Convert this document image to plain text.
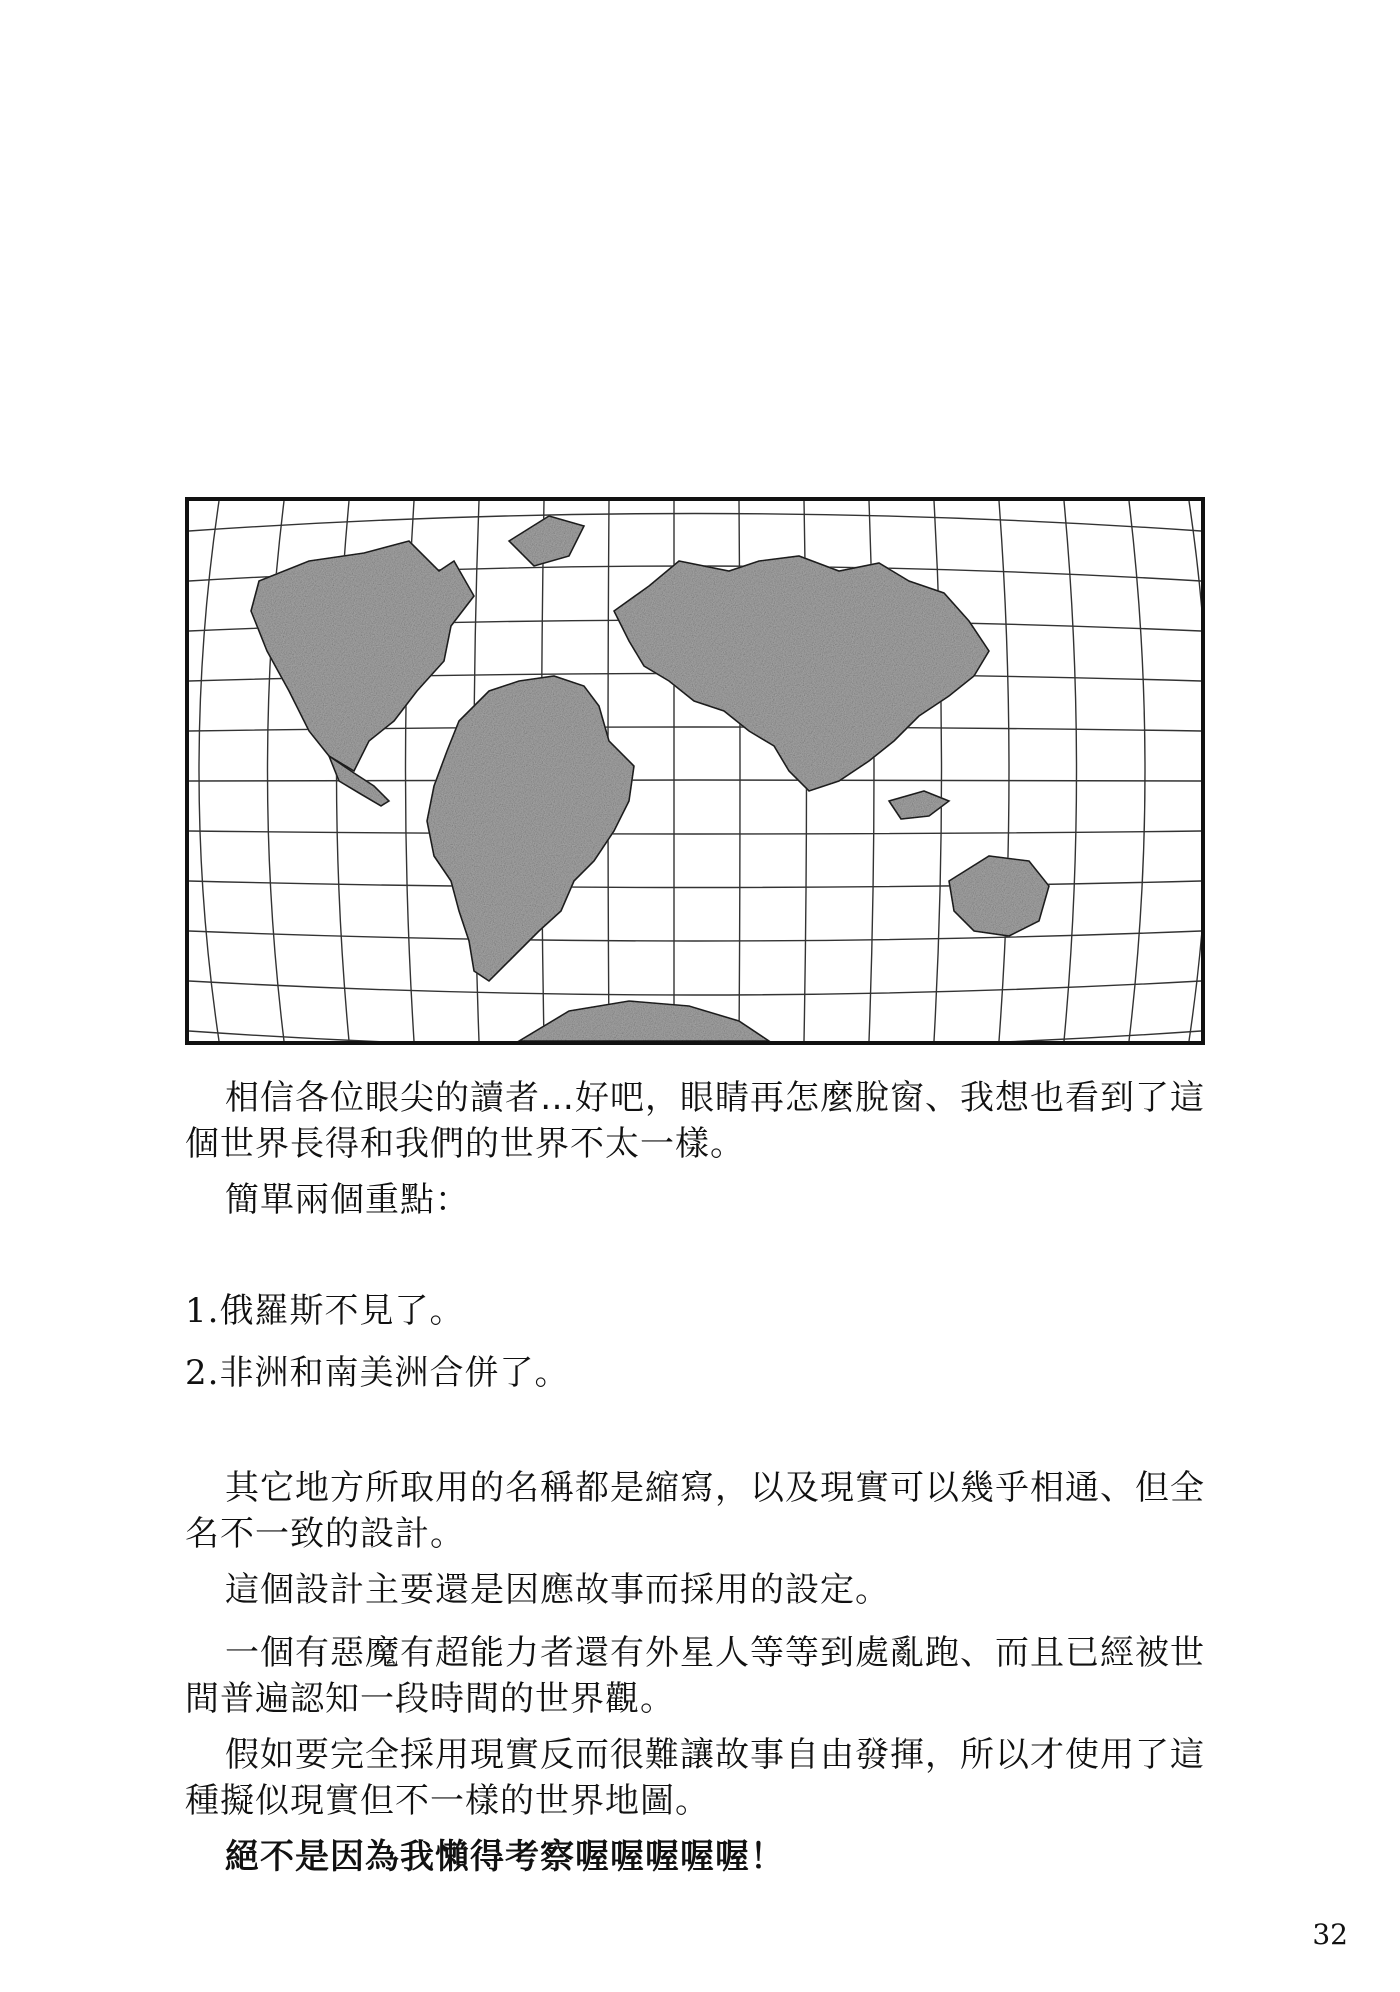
相信各位眼尖的讀者…好吧，眼睛再怎麼脫窗、我想也看到了這個世界長得和我們的世界不太一樣。

簡單兩個重點：

1.俄羅斯不見了。

2.非洲和南美洲合併了。

其它地方所取用的名稱都是縮寫，以及現實可以幾乎相通、但全名不一致的設計。

這個設計主要還是因應故事而採用的設定。

一個有惡魔有超能力者還有外星人等等到處亂跑、而且已經被世間普遍認知一段時間的世界觀。

假如要完全採用現實反而很難讓故事自由發揮，所以才使用了這種擬似現實但不一樣的世界地圖。

絕不是因為我懶得考察喔喔喔喔喔！

32
